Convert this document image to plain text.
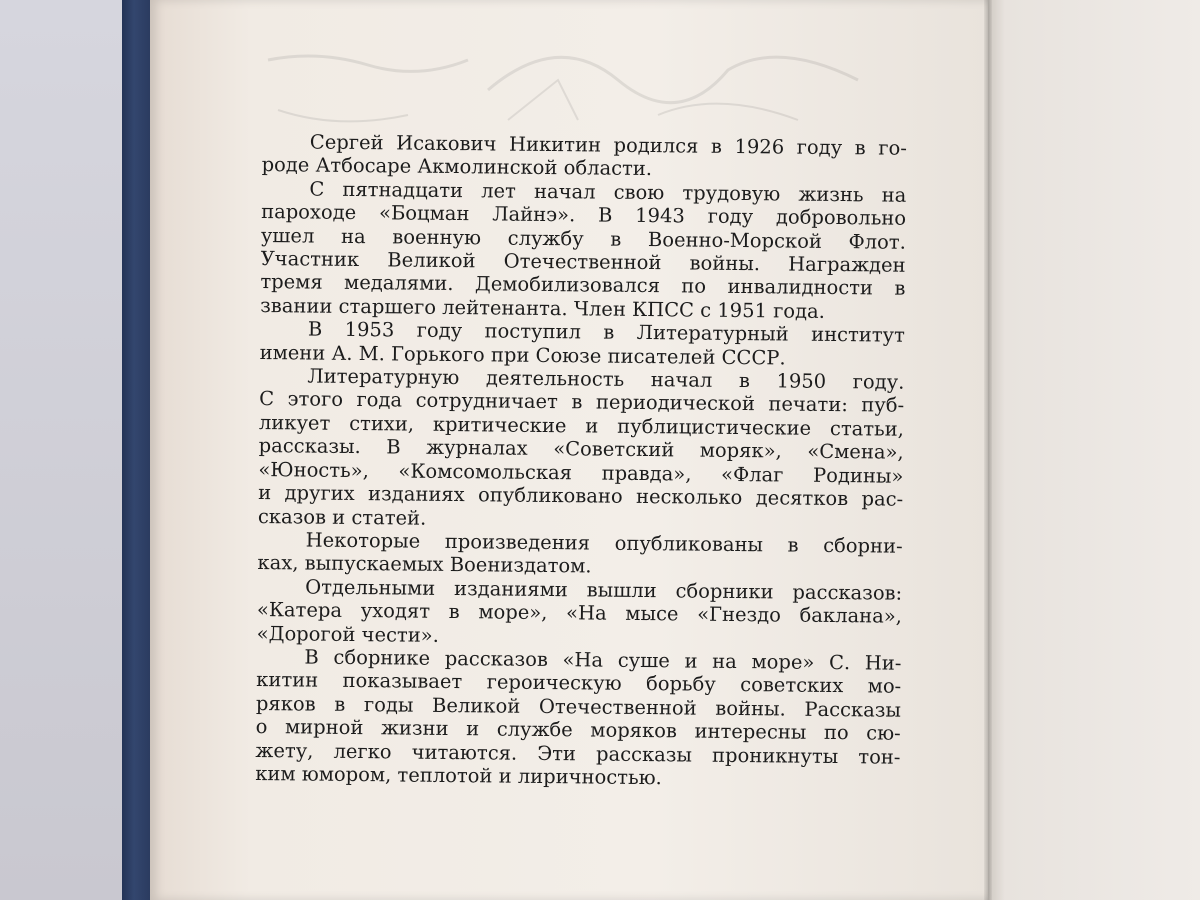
Сергей Исакович Никитин родился в 1926 году в го-
роде Атбосаре Акмолинской области.
С пятнадцати лет начал свою трудовую жизнь на
пароходе «Боцман Лайнэ». В 1943 году добровольно
ушел на военную службу в Военно-Морской Флот.
Участник Великой Отечественной войны. Награжден
тремя медалями. Демобилизовался по инвалидности в
звании старшего лейтенанта. Член КПСС с 1951 года.
В 1953 году поступил в Литературный институт
имени А. М. Горького при Союзе писателей СССР.
Литературную деятельность начал в 1950 году.
С этого года сотрудничает в периодической печати: пуб-
ликует стихи, критические и публицистические статьи,
рассказы. В журналах «Советский моряк», «Смена»,
«Юность», «Комсомольская правда», «Флаг Родины»
и других изданиях опубликовано несколько десятков рас-
сказов и статей.
Некоторые произведения опубликованы в сборни-
ках, выпускаемых Воениздатом.
Отдельными изданиями вышли сборники рассказов:
«Катера уходят в море», «На мысе «Гнездо баклана»,
«Дорогой чести».
В сборнике рассказов «На суше и на море» С. Ни-
китин показывает героическую борьбу советских мо-
ряков в годы Великой Отечественной войны. Рассказы
о мирной жизни и службе моряков интересны по сю-
жету, легко читаются. Эти рассказы проникнуты тон-
ким юмором, теплотой и лиричностью.
